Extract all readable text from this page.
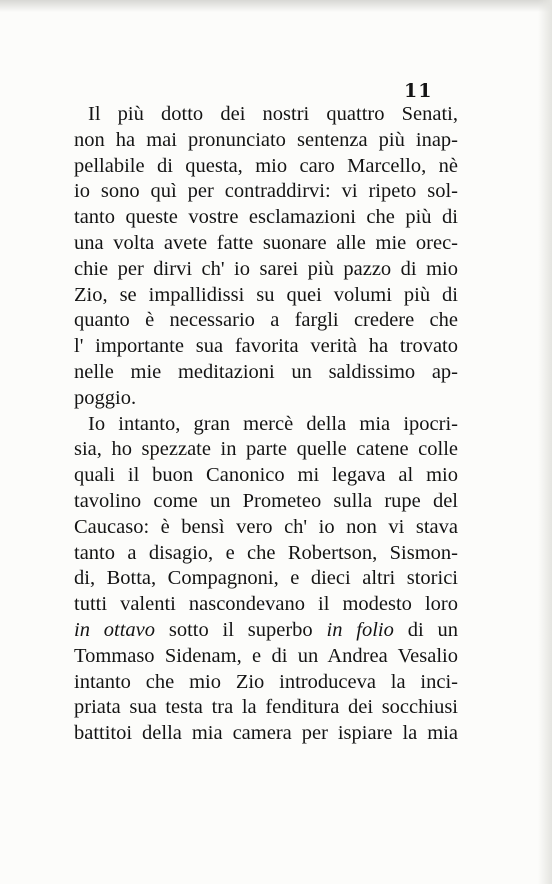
11

Il più dotto dei nostri quattro Senati,
non ha mai pronunciato sentenza più inap-
pellabile di questa, mio caro Marcello, nè
io sono quì per contraddirvi: vi ripeto sol-
tanto queste vostre esclamazioni che più di
una volta avete fatte suonare alle mie orec-
chie per dirvi ch' io sarei più pazzo di mio
Zio, se impallidissi su quei volumi più di
quanto è necessario a fargli credere che
l' importante sua favorita verità ha trovato
nelle mie meditazioni un saldissimo ap-
poggio.
Io intanto, gran mercè della mia ipocri-
sia, ho spezzate in parte quelle catene colle
quali il buon Canonico mi legava al mio
tavolino come un Prometeo sulla rupe del
Caucaso: è bensì vero ch' io non vi stava
tanto a disagio, e che Robertson, Sismon-
di, Botta, Compagnoni, e dieci altri storici
tutti valenti nascondevano il modesto loro
in ottavo sotto il superbo in folio di un
Tommaso Sidenam, e di un Andrea Vesalio
intanto che mio Zio introduceva la inci-
priata sua testa tra la fenditura dei socchiusi
battitoi della mia camera per ispiare la mia
